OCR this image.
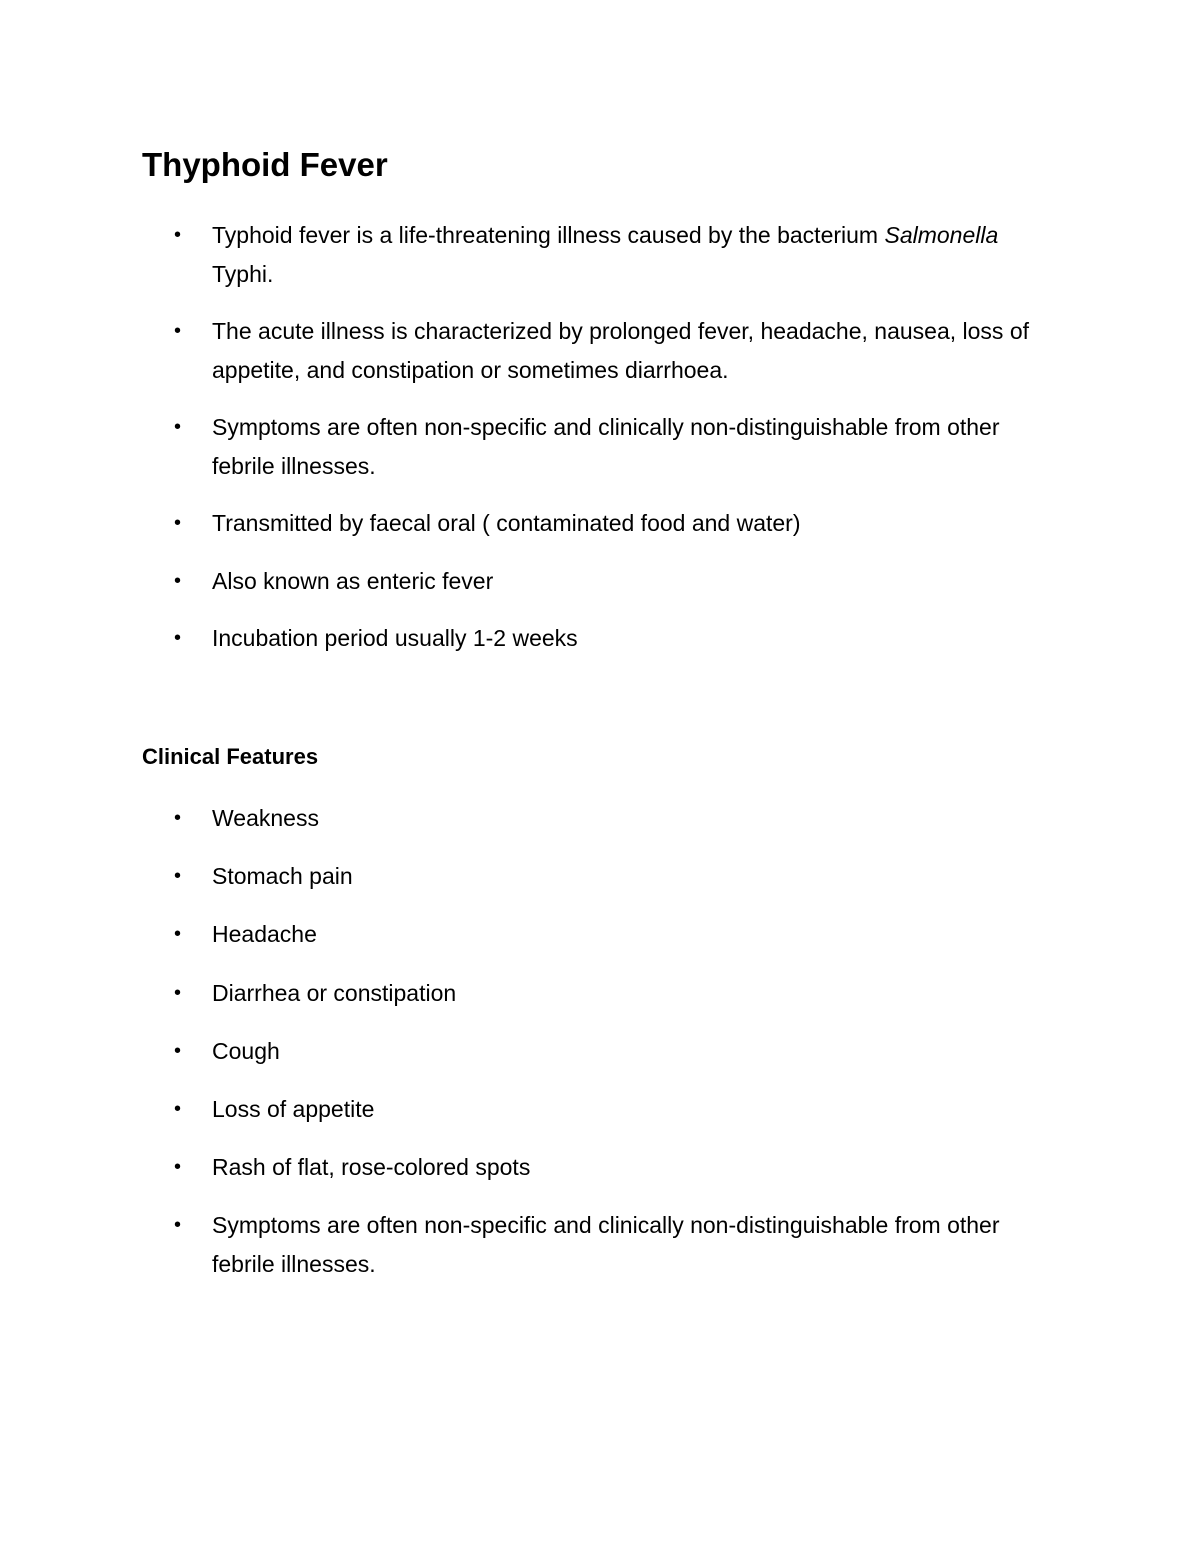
Thyphoid Fever
• Typhoid fever is a life-threatening illness caused by the bacterium Salmonella Typhi.
• The acute illness is characterized by prolonged fever, headache, nausea, loss of appetite, and constipation or sometimes diarrhoea.
• Symptoms are often non-specific and clinically non-distinguishable from other febrile illnesses.
• Transmitted by faecal oral ( contaminated food and water)
• Also known as enteric fever
• Incubation period usually 1-2 weeks
Clinical Features
• Weakness
• Stomach pain
• Headache
• Diarrhea or constipation
• Cough
• Loss of appetite
• Rash of flat, rose-colored spots
• Symptoms are often non-specific and clinically non-distinguishable from other febrile illnesses.
